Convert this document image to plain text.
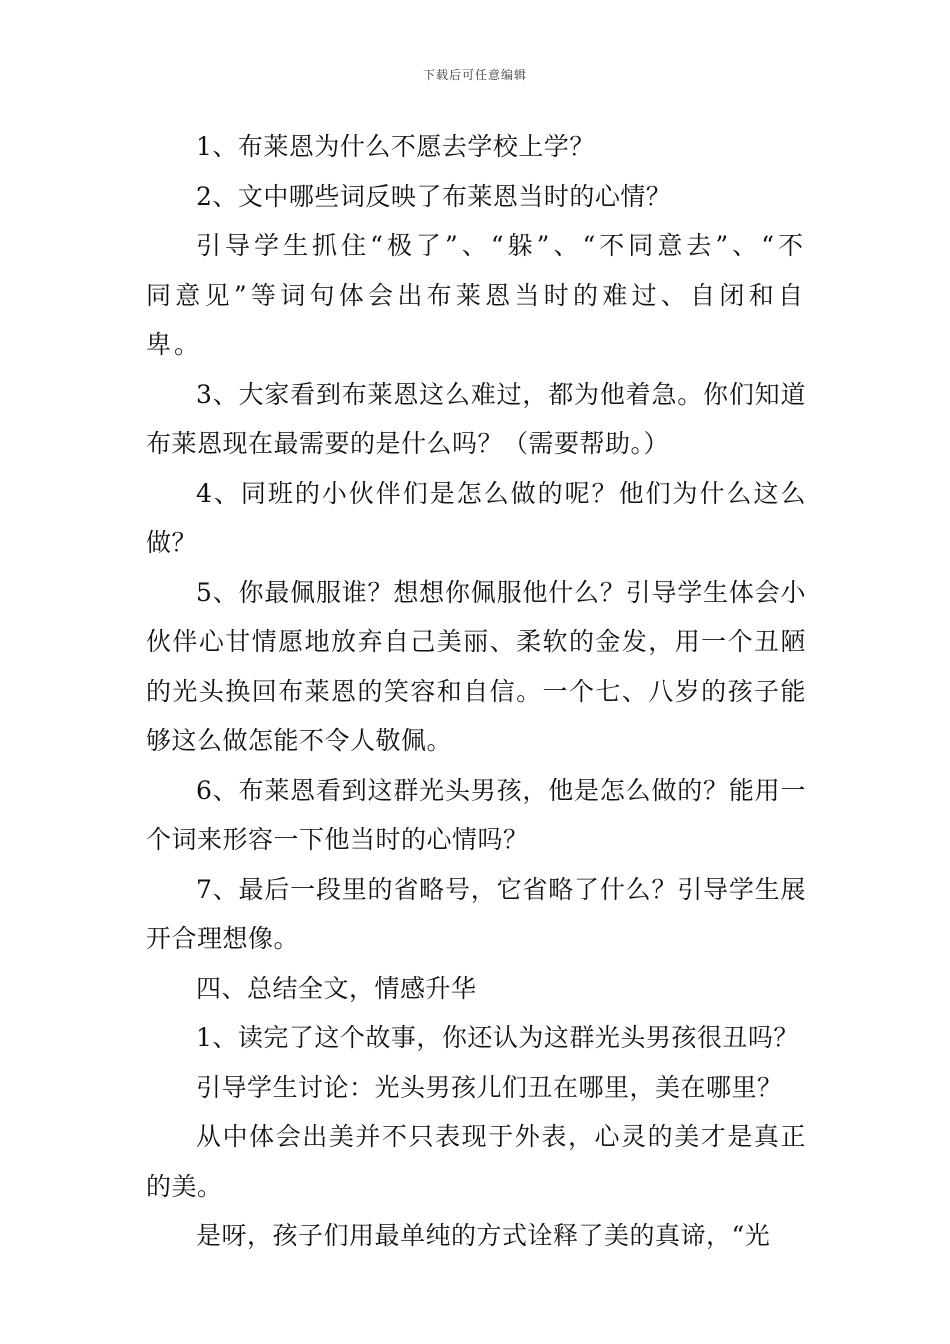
下载后可任意编辑

1、布莱恩为什么不愿去学校上学？

2、文中哪些词反映了布莱恩当时的心情？

引导学生抓住“极了”、“躲”、“不同意去”、“不同意见”等词句体会出布莱恩当时的难过、自闭和自卑。

3、大家看到布莱恩这么难过，都为他着急。你们知道布莱恩现在最需要的是什么吗？（需要帮助。）

4、同班的小伙伴们是怎么做的呢？他们为什么这么做？

5、你最佩服谁？想想你佩服他什么？引导学生体会小伙伴心甘情愿地放弃自己美丽、柔软的金发，用一个丑陋的光头换回布莱恩的笑容和自信。一个七、八岁的孩子能够这么做怎能不令人敬佩。

6、布莱恩看到这群光头男孩，他是怎么做的？能用一个词来形容一下他当时的心情吗？

7、最后一段里的省略号，它省略了什么？引导学生展开合理想像。

四、总结全文，情感升华

1、读完了这个故事，你还认为这群光头男孩很丑吗？

引导学生讨论：光头男孩儿们丑在哪里，美在哪里？

从中体会出美并不只表现于外表，心灵的美才是真正的美。

是呀，孩子们用最单纯的方式诠释了美的真谛，“光
